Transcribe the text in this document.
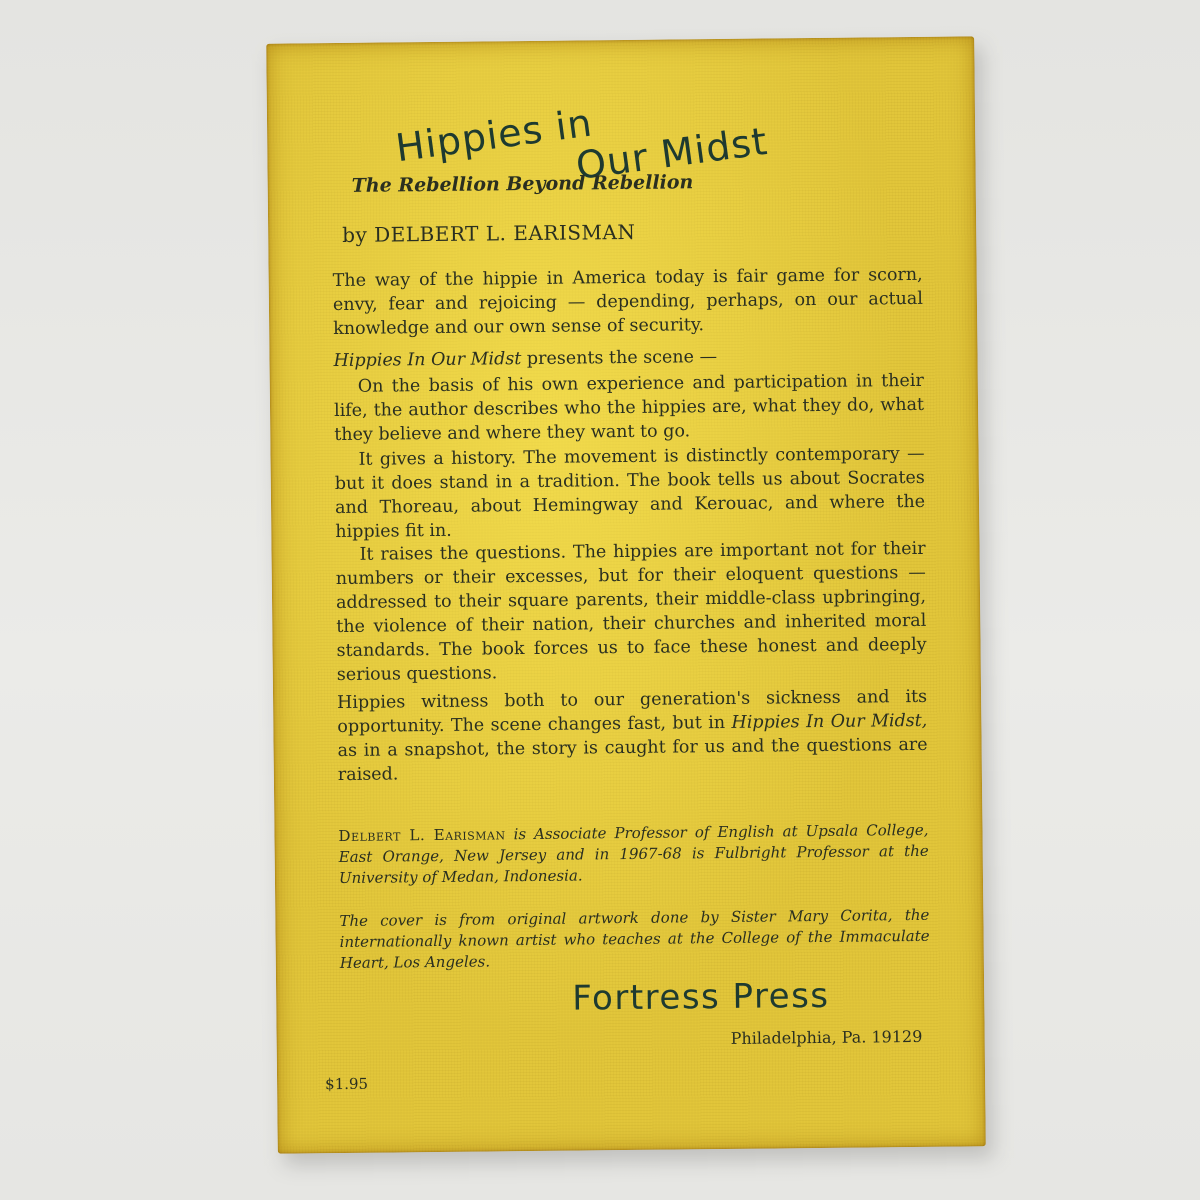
Hippies in
Our Midst
The Rebellion Beyond Rebellion
by DELBERT L. EARISMAN

The way of the hippie in America today is fair game for scorn, envy, fear and rejoicing — depending, perhaps, on our actual knowledge and our own sense of security.

Hippies In Our Midst presents the scene —

On the basis of his own experience and participation in their life, the author describes who the hippies are, what they do, what they believe and where they want to go.

It gives a history. The movement is distinctly contemporary — but it does stand in a tradition. The book tells us about Socrates and Thoreau, about Hemingway and Kerouac, and where the hippies fit in.

It raises the questions. The hippies are important not for their numbers or their excesses, but for their eloquent questions — addressed to their square parents, their middle-class upbringing, the violence of their nation, their churches and inherited moral standards. The book forces us to face these honest and deeply serious questions.

Hippies witness both to our generation's sickness and its opportunity. The scene changes fast, but in Hippies In Our Midst, as in a snapshot, the story is caught for us and the questions are raised.

Delbert L. Earisman is Associate Professor of English at Upsala College, East Orange, New Jersey and in 1967-68 is Fulbright Professor at the University of Medan, Indonesia.

The cover is from original artwork done by Sister Mary Corita, the internationally known artist who teaches at the College of the Immaculate Heart, Los Angeles.

Fortress Press
Philadelphia, Pa. 19129
$1.95
